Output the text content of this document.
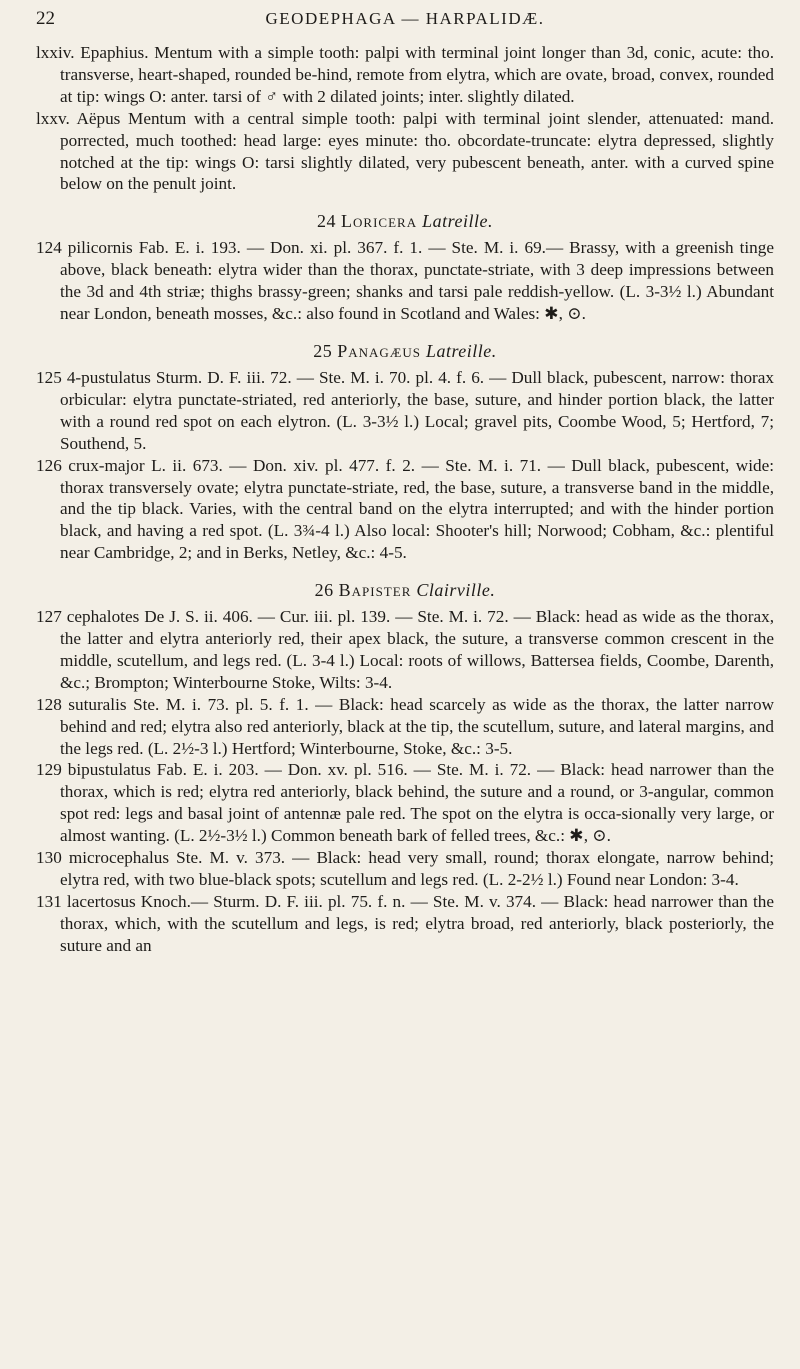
22	GEODEPHAGA — HARPALIDÆ.

lxxiv. Epaphius. Mentum with a simple tooth: palpi with terminal joint longer than 3d, conic, acute: tho. transverse, heart-shaped, rounded be-hind, remote from elytra, which are ovate, broad, convex, rounded at tip: wings O: anter. tarsi of ♂ with 2 dilated joints; inter. slightly dilated.

lxxv. Aëpus Mentum with a central simple tooth: palpi with terminal joint slender, attenuated: mand. porrected, much toothed: head large: eyes minute: tho. obcordate-truncate: elytra depressed, slightly notched at the tip: wings O: tarsi slightly dilated, very pubescent beneath, anter. with a curved spine below on the penult joint.

24 Loricera Latreille.

124 pilicornis Fab. E. i. 193. — Don. xi. pl. 367. f. 1. — Ste. M. i. 69.— Brassy, with a greenish tinge above, black beneath: elytra wider than the thorax, punctate-striate, with 3 deep impressions between the 3d and 4th striæ; thighs brassy-green; shanks and tarsi pale reddish-yellow. (L. 3-3½ l.) Abundant near London, beneath mosses, &c.: also found in Scotland and Wales: ✱, ⊙.

25 Panagæus Latreille.

125 4-pustulatus Sturm. D. F. iii. 72. — Ste. M. i. 70. pl. 4. f. 6. — Dull black, pubescent, narrow: thorax orbicular: elytra punctate-striated, red anteriorly, the base, suture, and hinder portion black, the latter with a round red spot on each elytron. (L. 3-3½ l.) Local; gravel pits, Coombe Wood, 5; Hertford, 7; Southend, 5.

126 crux-major L. ii. 673. — Don. xiv. pl. 477. f. 2. — Ste. M. i. 71. — Dull black, pubescent, wide: thorax transversely ovate; elytra punctate-striate, red, the base, suture, a transverse band in the middle, and the tip black. Varies, with the central band on the elytra interrupted; and with the hinder portion black, and having a red spot. (L. 3¾-4 l.) Also local: Shooter's hill; Norwood; Cobham, &c.: plentiful near Cambridge, 2; and in Berks, Netley, &c.: 4-5.

26 Bapister Clairville.

127 cephalotes De J. S. ii. 406. — Cur. iii. pl. 139. — Ste. M. i. 72. — Black: head as wide as the thorax, the latter and elytra anteriorly red, their apex black, the suture, a transverse common crescent in the middle, scutellum, and legs red. (L. 3-4 l.) Local: roots of willows, Battersea fields, Coombe, Darenth, &c.; Brompton; Winterbourne Stoke, Wilts: 3-4.

128 suturalis Ste. M. i. 73. pl. 5. f. 1. — Black: head scarcely as wide as the thorax, the latter narrow behind and red; elytra also red anteriorly, black at the tip, the scutellum, suture, and lateral margins, and the legs red. (L. 2½-3 l.) Hertford; Winterbourne, Stoke, &c.: 3-5.

129 bipustulatus Fab. E. i. 203. — Don. xv. pl. 516. — Ste. M. i. 72. — Black: head narrower than the thorax, which is red; elytra red anteriorly, black behind, the suture and a round, or 3-angular, common spot red: legs and basal joint of antennæ pale red. The spot on the elytra is occa-sionally very large, or almost wanting. (L. 2½-3½ l.) Common beneath bark of felled trees, &c.: ✱, ⊙.

130 microcephalus Ste. M. v. 373. — Black: head very small, round; thorax elongate, narrow behind; elytra red, with two blue-black spots; scutellum and legs red. (L. 2-2½ l.) Found near London: 3-4.

131 lacertosus Knoch.— Sturm. D. F. iii. pl. 75. f. n. — Ste. M. v. 374. — Black: head narrower than the thorax, which, with the scutellum and legs, is red; elytra broad, red anteriorly, black posteriorly, the suture and an
